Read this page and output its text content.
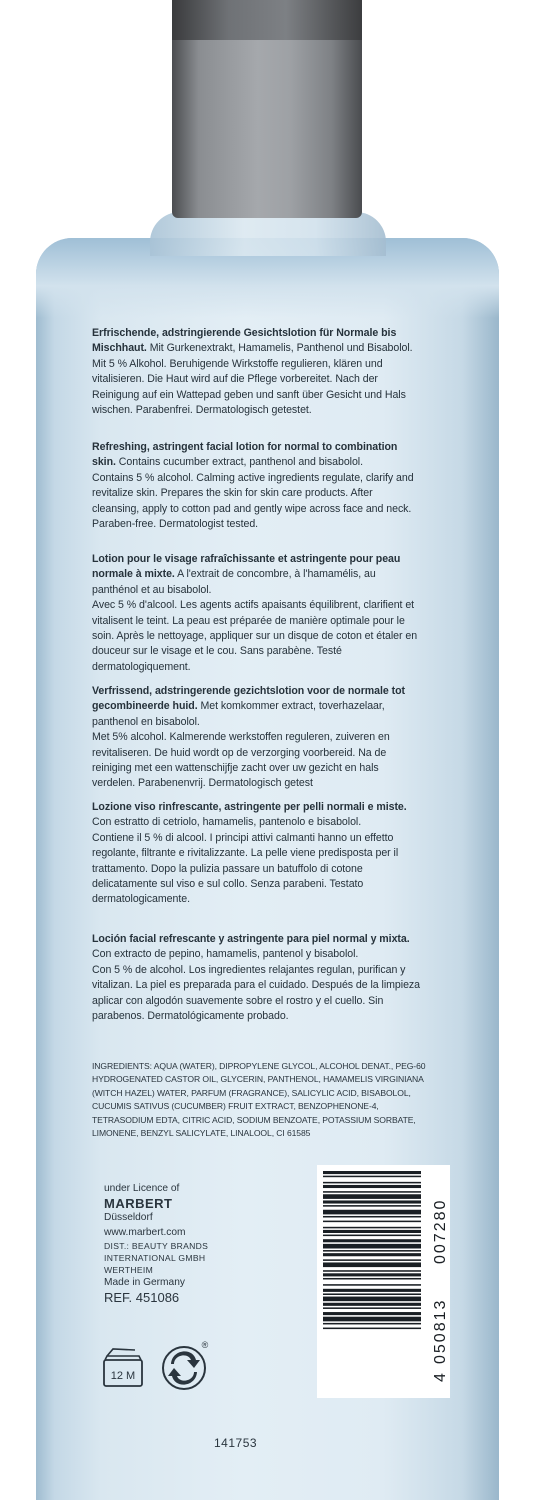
Erfrischende, adstringierende Gesichtslotion für Normale bis Mischhaut. Mit Gurkenextrakt, Hamamelis, Panthenol und Bisabolol.
Mit 5 % Alkohol. Beruhigende Wirkstoffe regulieren, klären und vitalisieren. Die Haut wird auf die Pflege vorbereitet. Nach der Reinigung auf ein Wattepad geben und sanft über Gesicht und Hals wischen. Parabenfrei. Dermatologisch getestet.
Refreshing, astringent facial lotion for normal to combination skin. Contains cucumber extract, panthenol and bisabolol.
Contains 5 % alcohol. Calming active ingredients regulate, clarify and revitalize skin. Prepares the skin for skin care products. After cleansing, apply to cotton pad and gently wipe across face and neck. Paraben-free. Dermatologist tested.
Lotion pour le visage rafraîchissante et astringente pour peau normale à mixte. A l'extrait de concombre, à l'hamamélis, au panthénol et au bisabolol.
Avec 5 % d'alcool. Les agents actifs apaisants équilibrent, clarifient et vitalisent le teint. La peau est préparée de manière optimale pour le soin. Après le nettoyage, appliquer sur un disque de coton et étaler en douceur sur le visage et le cou. Sans parabène. Testé dermatologiquement.
Verfrissend, adstringerende gezichtslotion voor de normale tot gecombineerde huid. Met komkommer extract, toverhazelaar, panthenol en bisabolol.
Met 5% alcohol. Kalmerende werkstoffen reguleren, zuiveren en revitaliseren. De huid wordt op de verzorging voorbereid. Na de reiniging met een wattenschijfje zacht over uw gezicht en hals verdelen. Parabenenvrij. Dermatologisch getest
Lozione viso rinfrescante, astringente per pelli normali e miste. Con estratto di cetriolo, hamamelis, pantenolo e bisabolol.
Contiene il 5 % di alcool. I principi attivi calmanti hanno un effetto regolante, filtrante e rivitalizzante. La pelle viene predisposta per il trattamento. Dopo la pulizia passare un batuffolo di cotone delicatamente sul viso e sul collo. Senza parabeni. Testato dermatologicamente.
Loción facial refrescante y astringente para piel normal y mixta. Con extracto de pepino, hamamelis, pantenol y bisabolol.
Con 5 % de alcohol. Los ingredientes relajantes regulan, purifican y vitalizan. La piel es preparada para el cuidado. Después de la limpieza aplicar con algodón suavemente sobre el rostro y el cuello. Sin parabenos. Dermatológicamente probado.
INGREDIENTS: AQUA (WATER), DIPROPYLENE GLYCOL, ALCOHOL DENAT., PEG-60 HYDROGENATED CASTOR OIL, GLYCERIN, PANTHENOL, HAMAMELIS VIRGINIANA (WITCH HAZEL) WATER, PARFUM (FRAGRANCE), SALICYLIC ACID, BISABOLOL, CUCUMIS SATIVUS (CUCUMBER) FRUIT EXTRACT, BENZOPHENONE-4, TETRASODIUM EDTA, CITRIC ACID, SODIUM BENZOATE, POTASSIUM SORBATE, LIMONENE, BENZYL SALICYLATE, LINALOOL, CI 61585
under Licence of
MARBERT
Düsseldorf
www.marbert.com
DIST.: BEAUTY BRANDS
INTERNATIONAL GMBH
WERTHEIM
Made in Germany
REF. 451086
12 M
®
141753
4
050813
007280
